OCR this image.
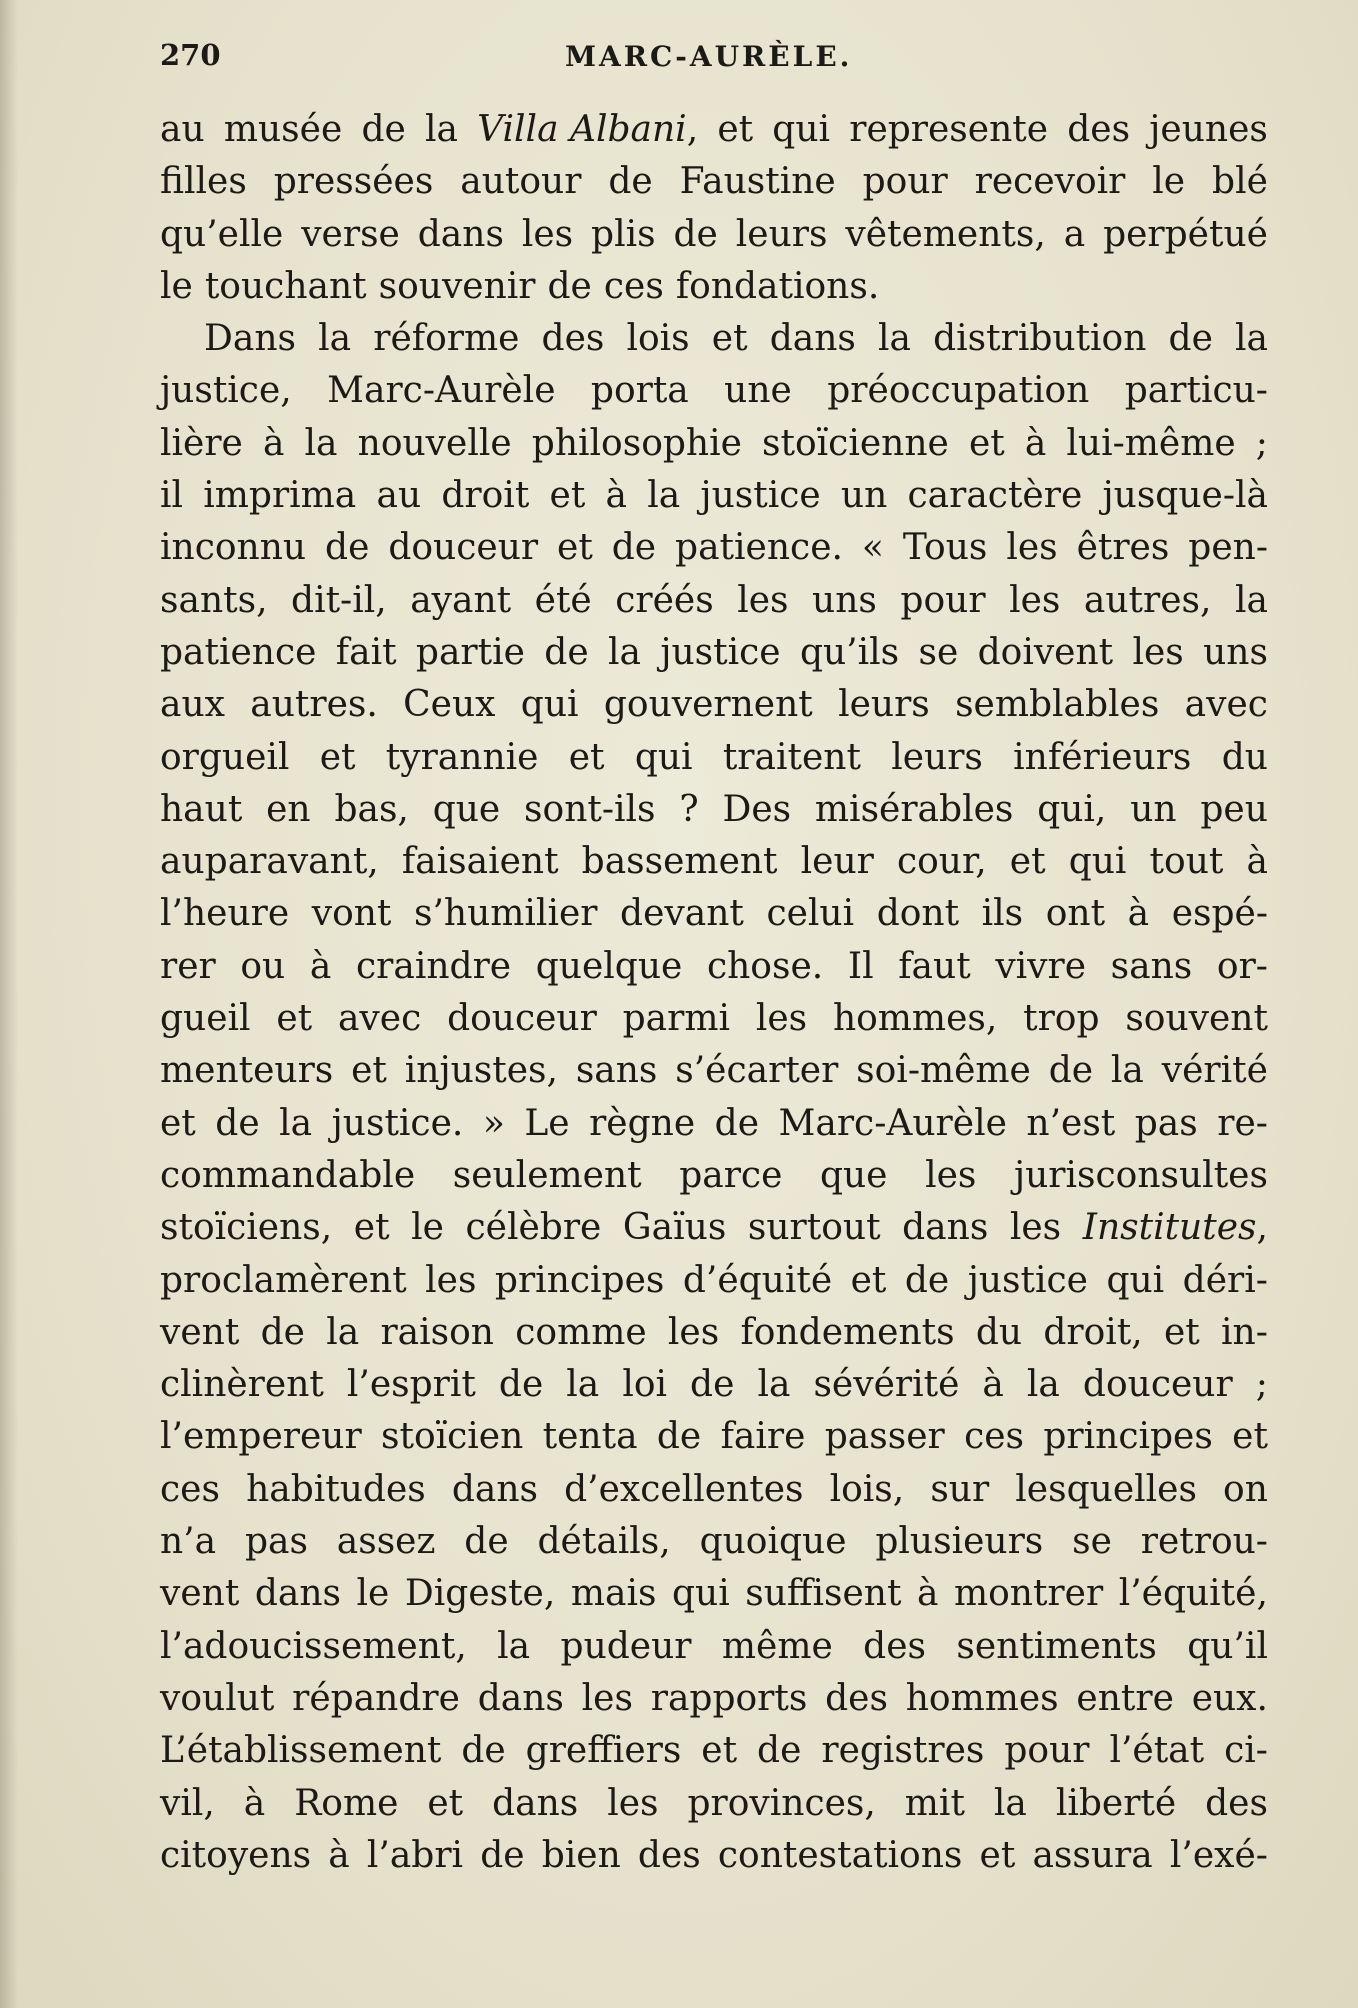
270	MARC-AURÈLE.
au musée de la Villa Albani, et qui represente des jeunes
filles pressées autour de Faustine pour recevoir le blé
qu’elle verse dans les plis de leurs vêtements, a perpétué
le touchant souvenir de ces fondations.
Dans la réforme des lois et dans la distribution de la
justice, Marc-Aurèle porta une préoccupation particu-
lière à la nouvelle philosophie stoïcienne et à lui-même ;
il imprima au droit et à la justice un caractère jusque-là
inconnu de douceur et de patience. « Tous les êtres pen-
sants, dit-il, ayant été créés les uns pour les autres, la
patience fait partie de la justice qu’ils se doivent les uns
aux autres. Ceux qui gouvernent leurs semblables avec
orgueil et tyrannie et qui traitent leurs inférieurs du
haut en bas, que sont-ils ? Des misérables qui, un peu
auparavant, faisaient bassement leur cour, et qui tout à
l’heure vont s’humilier devant celui dont ils ont à espé-
rer ou à craindre quelque chose. Il faut vivre sans or-
gueil et avec douceur parmi les hommes, trop souvent
menteurs et injustes, sans s’écarter soi-même de la vérité
et de la justice. » Le règne de Marc-Aurèle n’est pas re-
commandable seulement parce que les jurisconsultes
stoïciens, et le célèbre Gaïus surtout dans les Institutes,
proclamèrent les principes d’équité et de justice qui déri-
vent de la raison comme les fondements du droit, et in-
clinèrent l’esprit de la loi de la sévérité à la douceur ;
l’empereur stoïcien tenta de faire passer ces principes et
ces habitudes dans d’excellentes lois, sur lesquelles on
n’a pas assez de détails, quoique plusieurs se retrou-
vent dans le Digeste, mais qui suffisent à montrer l’équité,
l’adoucissement, la pudeur même des sentiments qu’il
voulut répandre dans les rapports des hommes entre eux.
L’établissement de greffiers et de registres pour l’état ci-
vil, à Rome et dans les provinces, mit la liberté des
citoyens à l’abri de bien des contestations et assura l’exé-
